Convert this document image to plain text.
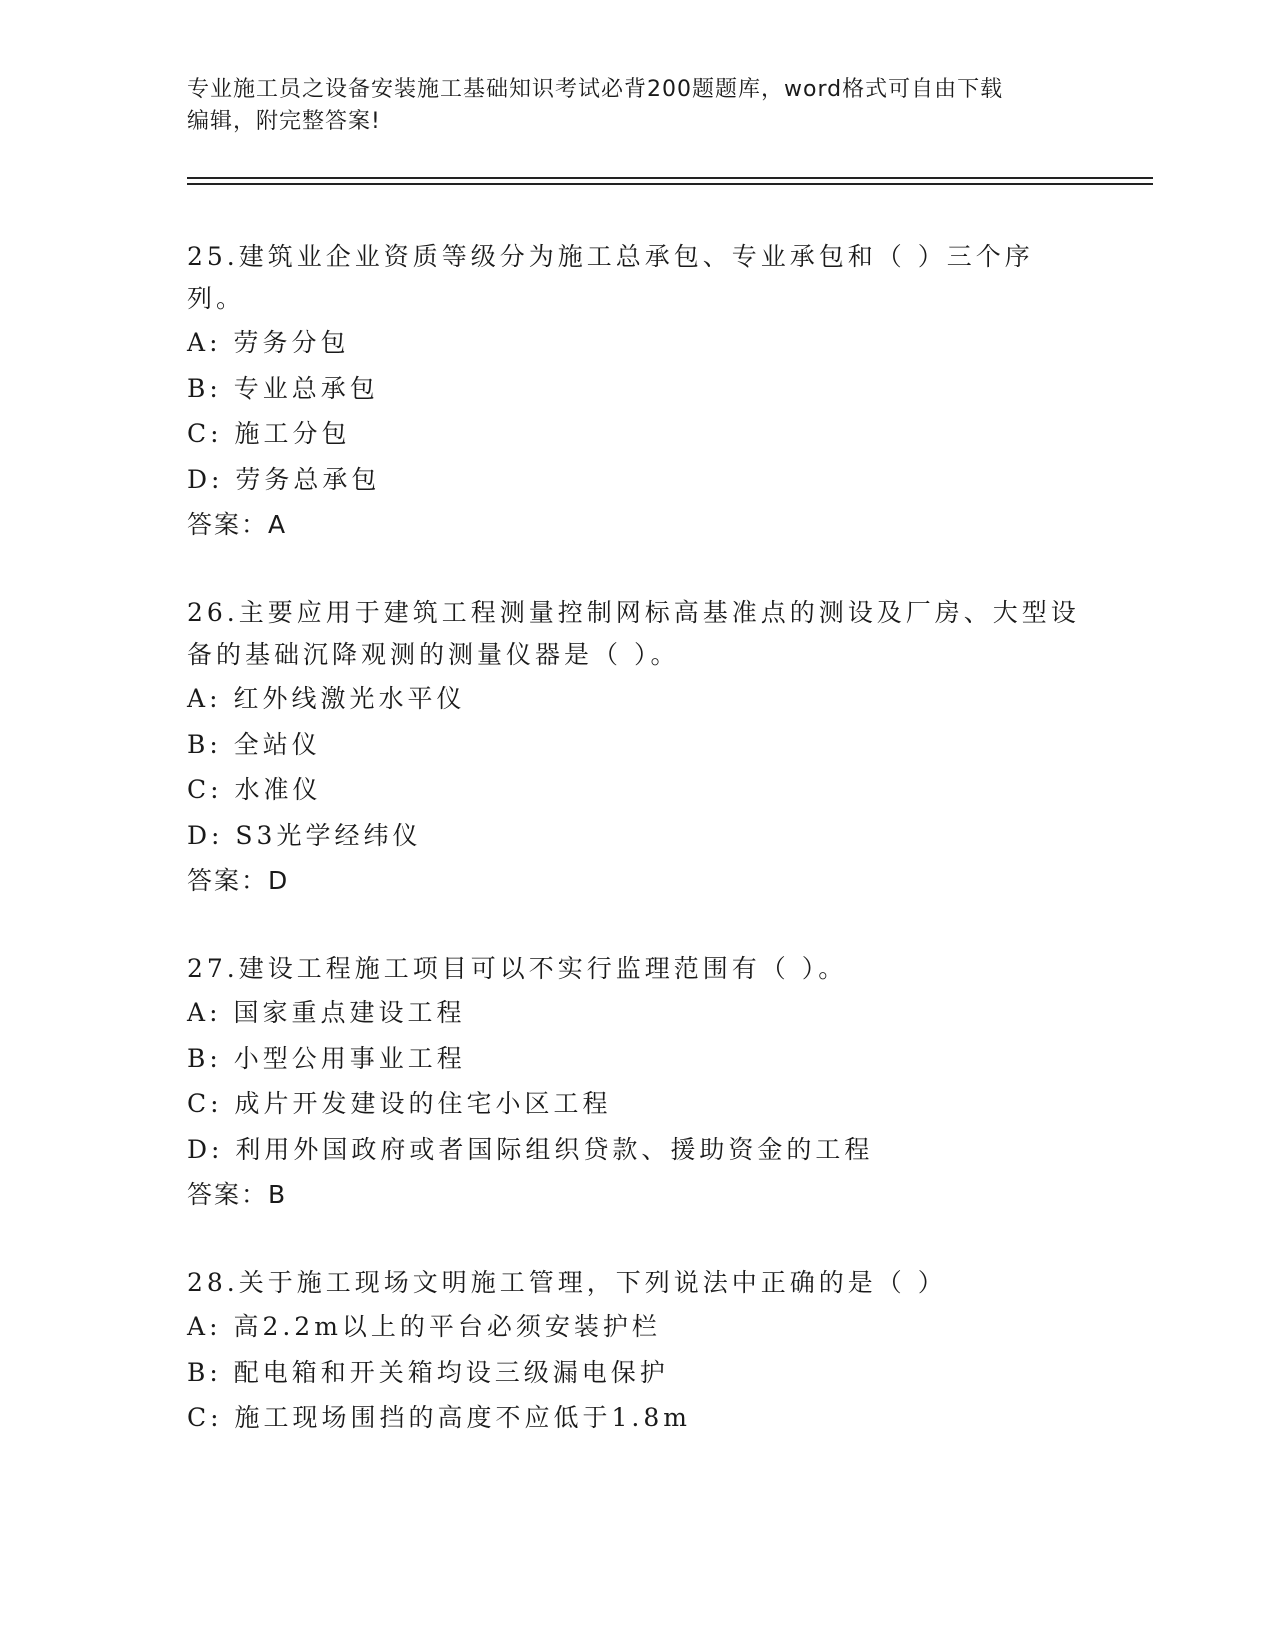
专业施工员之设备安装施工基础知识考试必背200题题库，word格式可自由下载
编辑，附完整答案!

25.建筑业企业资质等级分为施工总承包、专业承包和（ ）三个序列。

A: 劳务分包

B: 专业总承包

C: 施工分包

D: 劳务总承包

答案：A

26.主要应用于建筑工程测量控制网标高基准点的测设及厂房、大型设备的基础沉降观测的测量仪器是（ ）。

A: 红外线激光水平仪

B: 全站仪

C: 水准仪

D: S3光学经纬仪

答案：D

27.建设工程施工项目可以不实行监理范围有（ ）。

A: 国家重点建设工程

B: 小型公用事业工程

C: 成片开发建设的住宅小区工程

D: 利用外国政府或者国际组织贷款、援助资金的工程

答案：B

28.关于施工现场文明施工管理，下列说法中正确的是（ ）

A: 高2.2m以上的平台必须安装护栏

B: 配电箱和开关箱均设三级漏电保护

C: 施工现场围挡的高度不应低于1.8m
